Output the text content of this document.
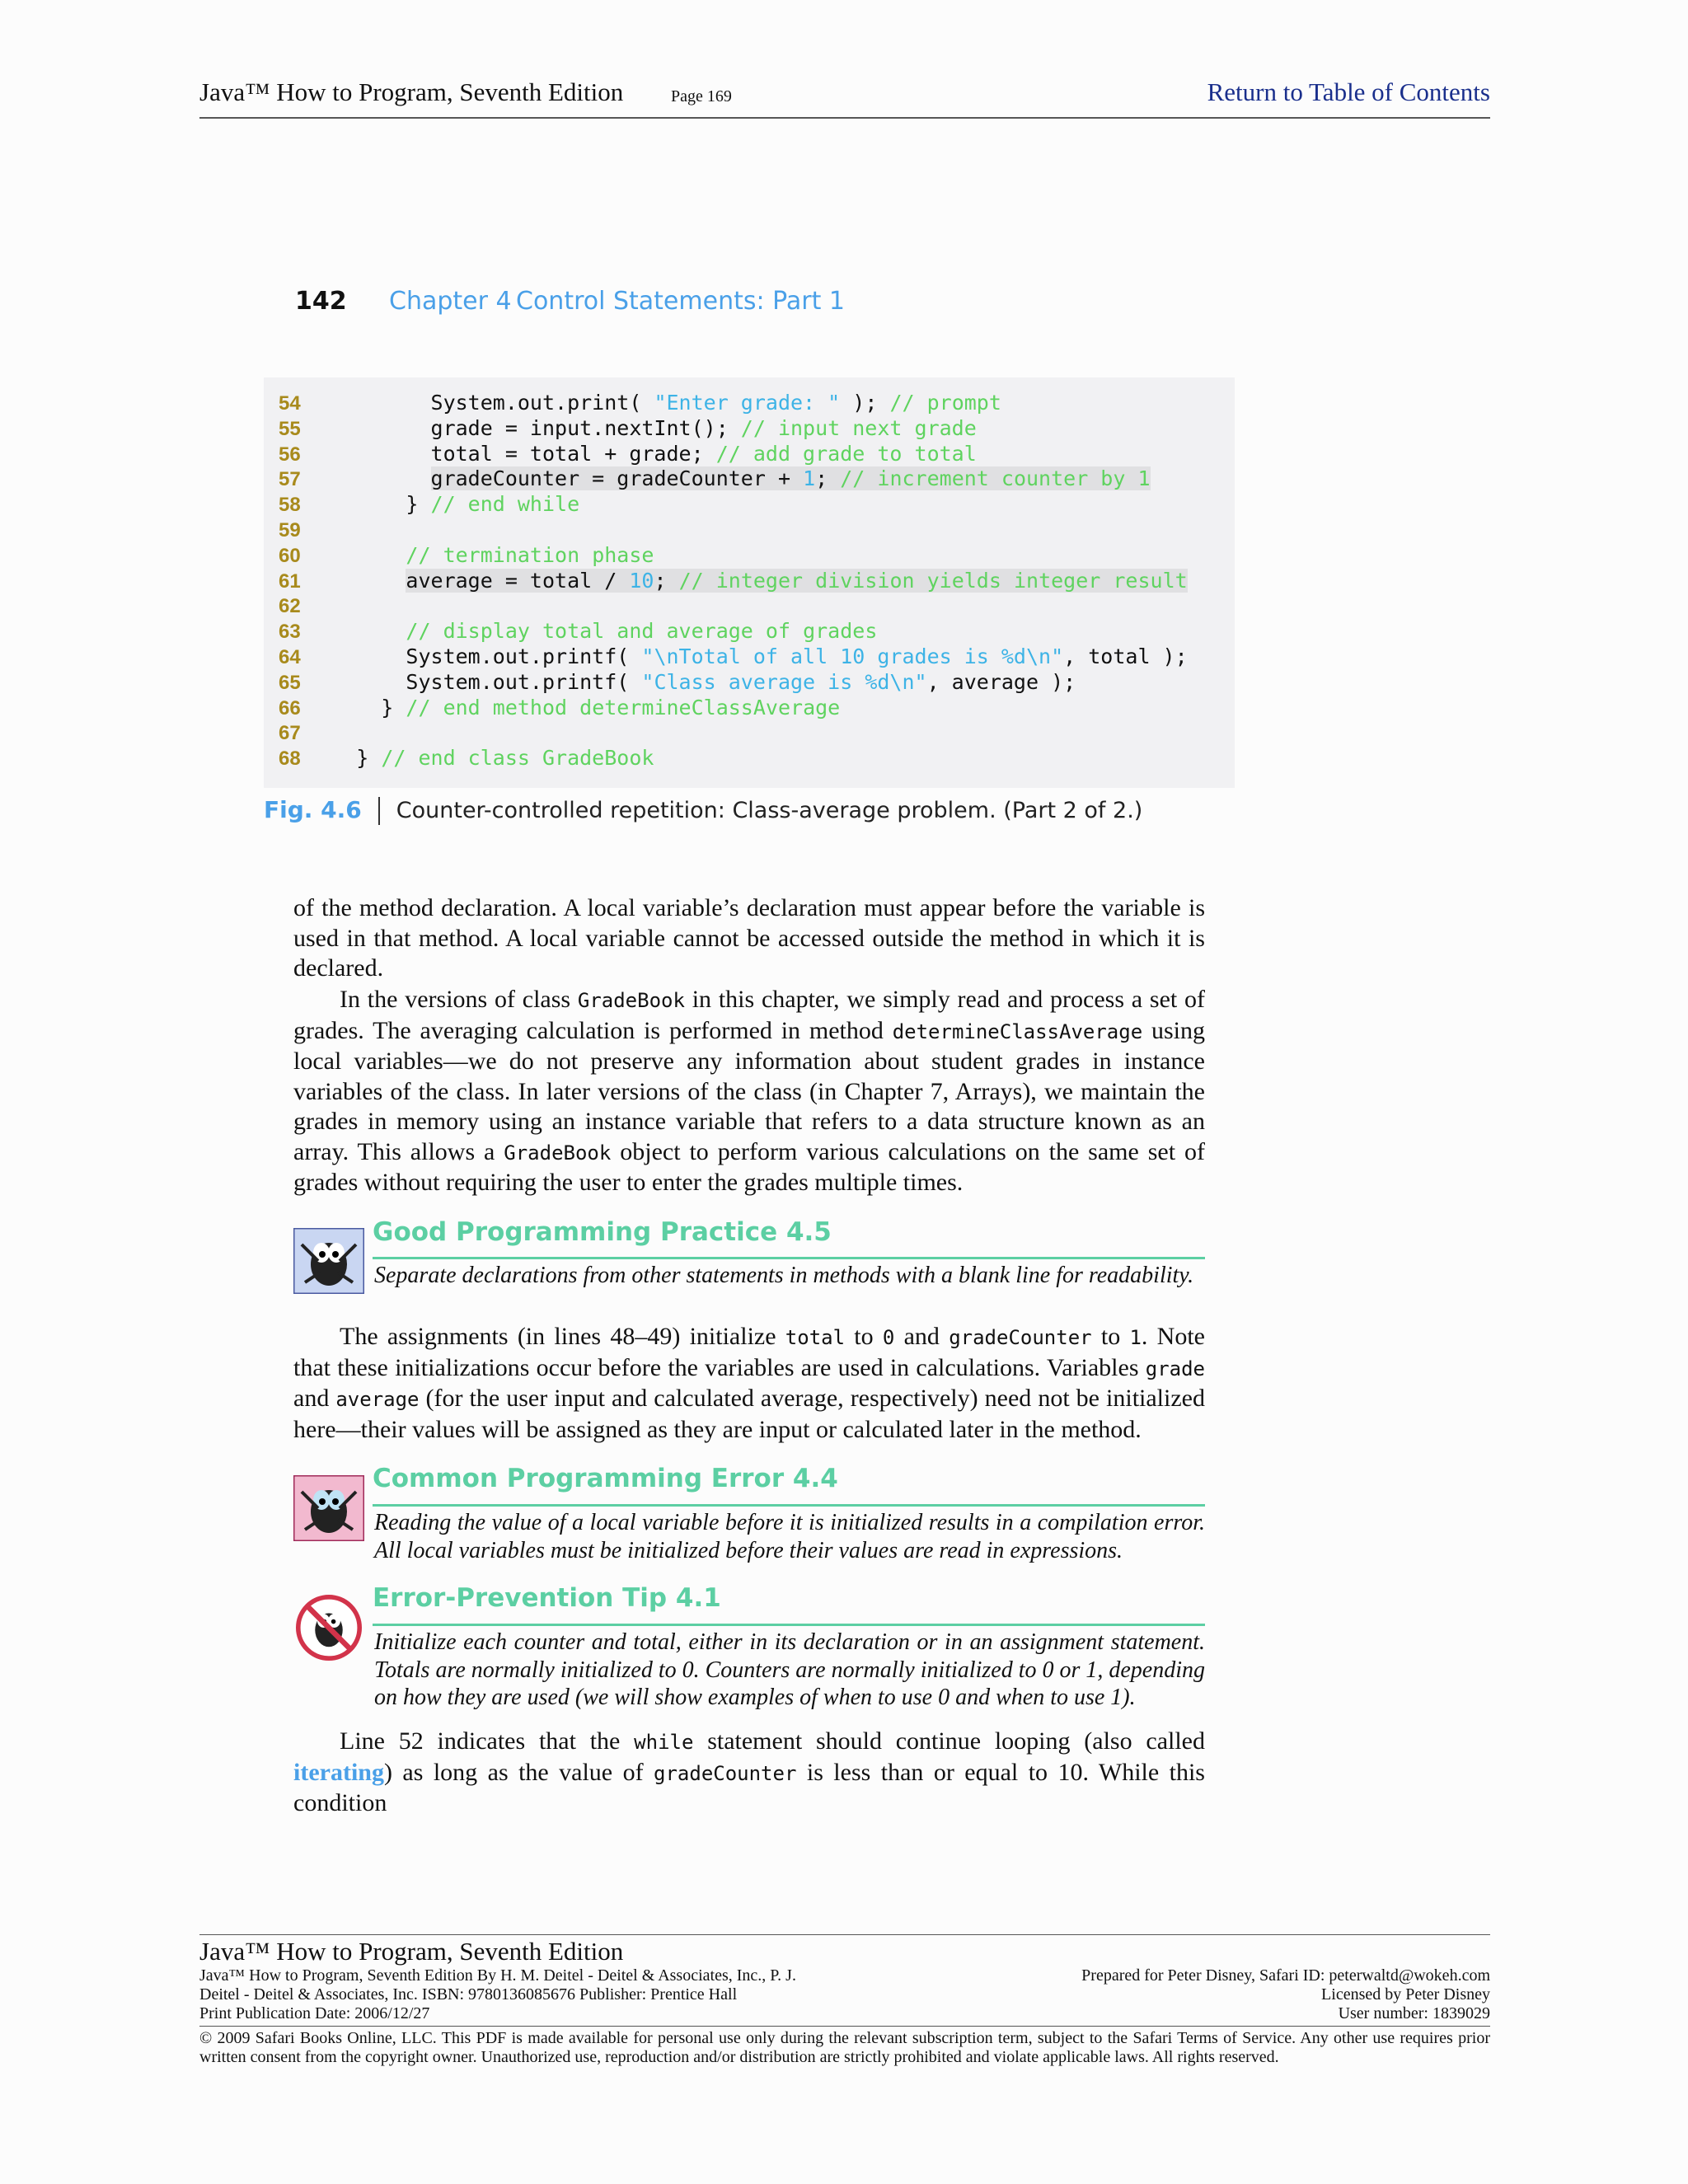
Java™ How to Program, Seventh Edition	Page 169	Return to Table of Contents
142 Chapter 4 Control Statements: Part 1
54          System.out.print( "Enter grade: " ); // prompt
55          grade = input.nextInt(); // input next grade
56          total = total + grade; // add grade to total
57	gradeCounter = gradeCounter + 1; // increment counter by 1
58        } // end while
59
60	// termination phase
61	average = total / 10; // integer division yields integer result
62
63	// display total and average of grades
64        System.out.printf( "\nTotal of all 10 grades is %d\n", total );
65        System.out.printf( "Class average is %d\n", average );
66      } // end method determineClassAverage
67
68    } // end class GradeBook
Fig. 4.6 Counter-controlled repetition: Class-average problem. (Part 2 of 2.)
of the method declaration. A local variable’s declaration must appear before the variable is used in that method. A local variable cannot be accessed outside the method in which it is declared.
In the versions of class GradeBook in this chapter, we simply read and process a set of grades. The averaging calculation is performed in method determineClassAverage using local variables—we do not preserve any information about student grades in instance variables of the class. In later versions of the class (in Chapter 7, Arrays), we maintain the grades in memory using an instance variable that refers to a data structure known as an array. This allows a GradeBook object to perform various calculations on the same set of grades without requiring the user to enter the grades multiple times.
Good Programming Practice 4.5
Separate declarations from other statements in methods with a blank line for readability.
The assignments (in lines 48–49) initialize total to 0 and gradeCounter to 1. Note that these initializations occur before the variables are used in calculations. Variables grade and average (for the user input and calculated average, respectively) need not be initialized here—their values will be assigned as they are input or calculated later in the method.
Common Programming Error 4.4
Reading the value of a local variable before it is initialized results in a compilation error. All local variables must be initialized before their values are read in expressions.
Error-Prevention Tip 4.1
Initialize each counter and total, either in its declaration or in an assignment statement. Totals are normally initialized to 0. Counters are normally initialized to 0 or 1, depending on how they are used (we will show examples of when to use 0 and when to use 1).
Line 52 indicates that the while statement should continue looping (also called iterating) as long as the value of gradeCounter is less than or equal to 10. While this condition
Java™ How to Program, Seventh Edition
Java™ How to Program, Seventh Edition By H. M. Deitel - Deitel & Associates, Inc., P. J.
Deitel - Deitel & Associates, Inc. ISBN: 9780136085676 Publisher: Prentice Hall
Print Publication Date: 2006/12/27
Prepared for Peter Disney, Safari ID: peterwaltd@wokeh.com
Licensed by Peter Disney
User number: 1839029
© 2009 Safari Books Online, LLC. This PDF is made available for personal use only during the relevant subscription term, subject to the Safari Terms of Service. Any other use requires prior written consent from the copyright owner. Unauthorized use, reproduction and/or distribution are strictly prohibited and violate applicable laws. All rights reserved.
